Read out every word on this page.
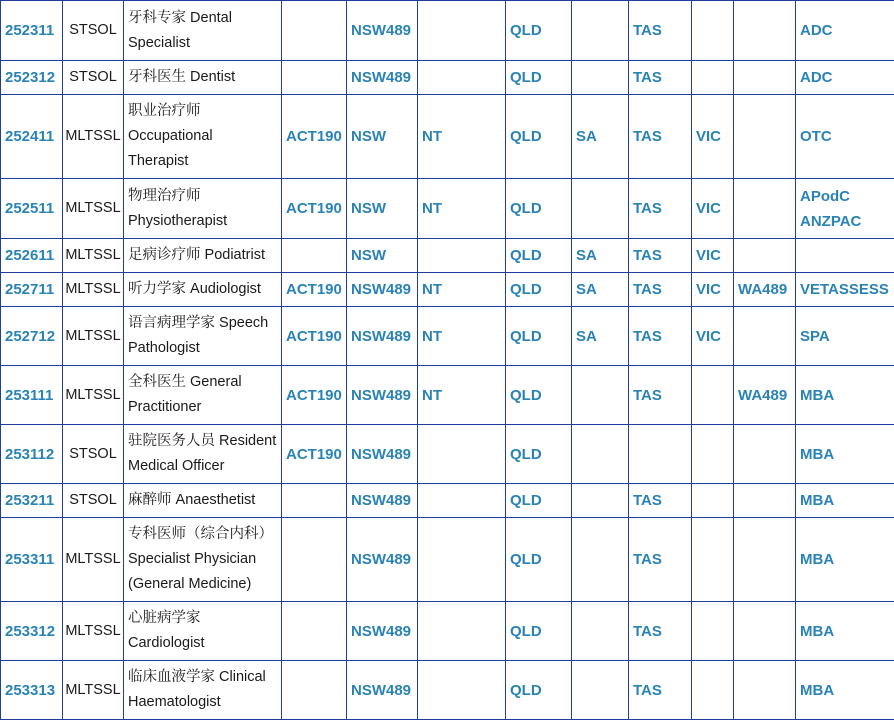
252311	STSOL	牙科专家 Dental
Specialist		NSW489		QLD		TAS			ADC

252312	STSOL	牙科医生 Dentist		NSW489		QLD		TAS			ADC

252411	MLTSSL	职业治疗师
Occupational
Therapist	ACT190	NSW	NT	QLD	SA	TAS	VIC		OTC

252511	MLTSSL	物理治疗师
Physiotherapist	ACT190	NSW	NT	QLD		TAS	VIC		APodC
ANZPAC

252611	MLTSSL	足病诊疗师 Podiatrist		NSW		QLD	SA	TAS	VIC		

252711	MLTSSL	听力学家 Audiologist	ACT190	NSW489	NT	QLD	SA	TAS	VIC	WA489	VETASSESS

252712	MLTSSL	语言病理学家 Speech
Pathologist	ACT190	NSW489	NT	QLD	SA	TAS	VIC		SPA

253111	MLTSSL	全科医生 General
Practitioner	ACT190	NSW489	NT	QLD		TAS		WA489	MBA

253112	STSOL	驻院医务人员 Resident
Medical Officer	ACT190	NSW489		QLD					MBA

253211	STSOL	麻醉师 Anaesthetist		NSW489		QLD		TAS			MBA

253311	MLTSSL	专科医师（综合内科）
Specialist Physician
(General Medicine)		NSW489		QLD		TAS			MBA

253312	MLTSSL	心脏病学家
Cardiologist		NSW489		QLD		TAS			MBA

253313	MLTSSL	临床血液学家 Clinical
Haematologist		NSW489		QLD		TAS			MBA
